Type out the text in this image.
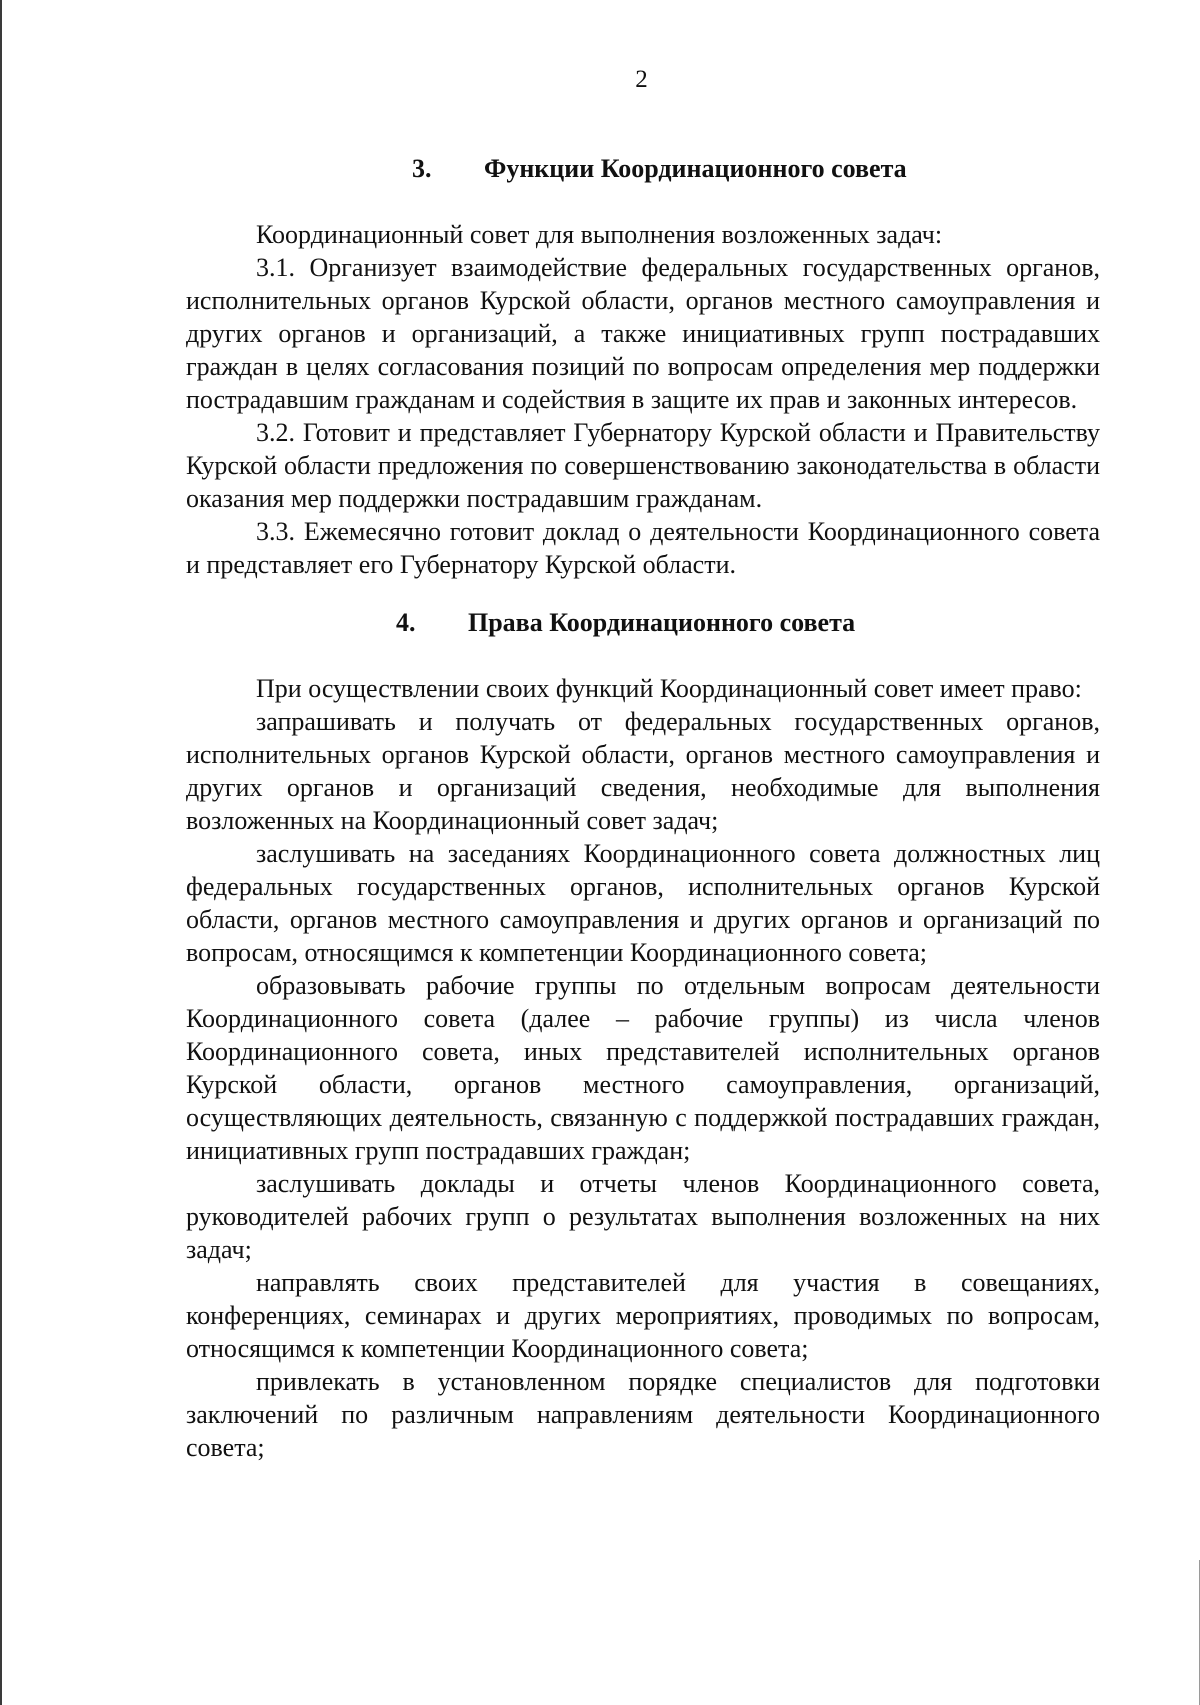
2
3. Функции Координационного совета

Координационный совет для выполнения возложенных задач:

3.1. Организует взаимодействие федеральных государственных органов, исполнительных органов Курской области, органов местного самоуправления и других органов и организаций, а также инициативных групп пострадавших граждан в целях согласования позиций по вопросам определения мер поддержки пострадавшим гражданам и содействия в защите их прав и законных интересов.

3.2. Готовит и представляет Губернатору Курской области и Правительству Курской области предложения по совершенствованию законодательства в области оказания мер поддержки пострадавшим гражданам.

3.3. Ежемесячно готовит доклад о деятельности Координационного совета и представляет его Губернатору Курской области.

4. Права Координационного совета

При осуществлении своих функций Координационный совет имеет право:

запрашивать и получать от федеральных государственных органов, исполнительных органов Курской области, органов местного самоуправления и других органов и организаций сведения, необходимые для выполнения возложенных на Координационный совет задач;

заслушивать на заседаниях Координационного совета должностных лиц федеральных государственных органов, исполнительных органов Курской области, органов местного самоуправления и других органов и организаций по вопросам, относящимся к компетенции Координационного совета;

образовывать рабочие группы по отдельным вопросам деятельности Координационного совета (далее – рабочие группы) из числа членов Координационного совета, иных представителей исполнительных органов Курской области, органов местного самоуправления, организаций, осуществляющих деятельность, связанную с поддержкой пострадавших граждан, инициативных групп пострадавших граждан;

заслушивать доклады и отчеты членов Координационного совета, руководителей рабочих групп о результатах выполнения возложенных на них задач;

направлять своих представителей для участия в совещаниях, конференциях, семинарах и других мероприятиях, проводимых по вопросам, относящимся к компетенции Координационного совета;

привлекать в установленном порядке специалистов для подготовки заключений по различным направлениям деятельности Координационного совета;
